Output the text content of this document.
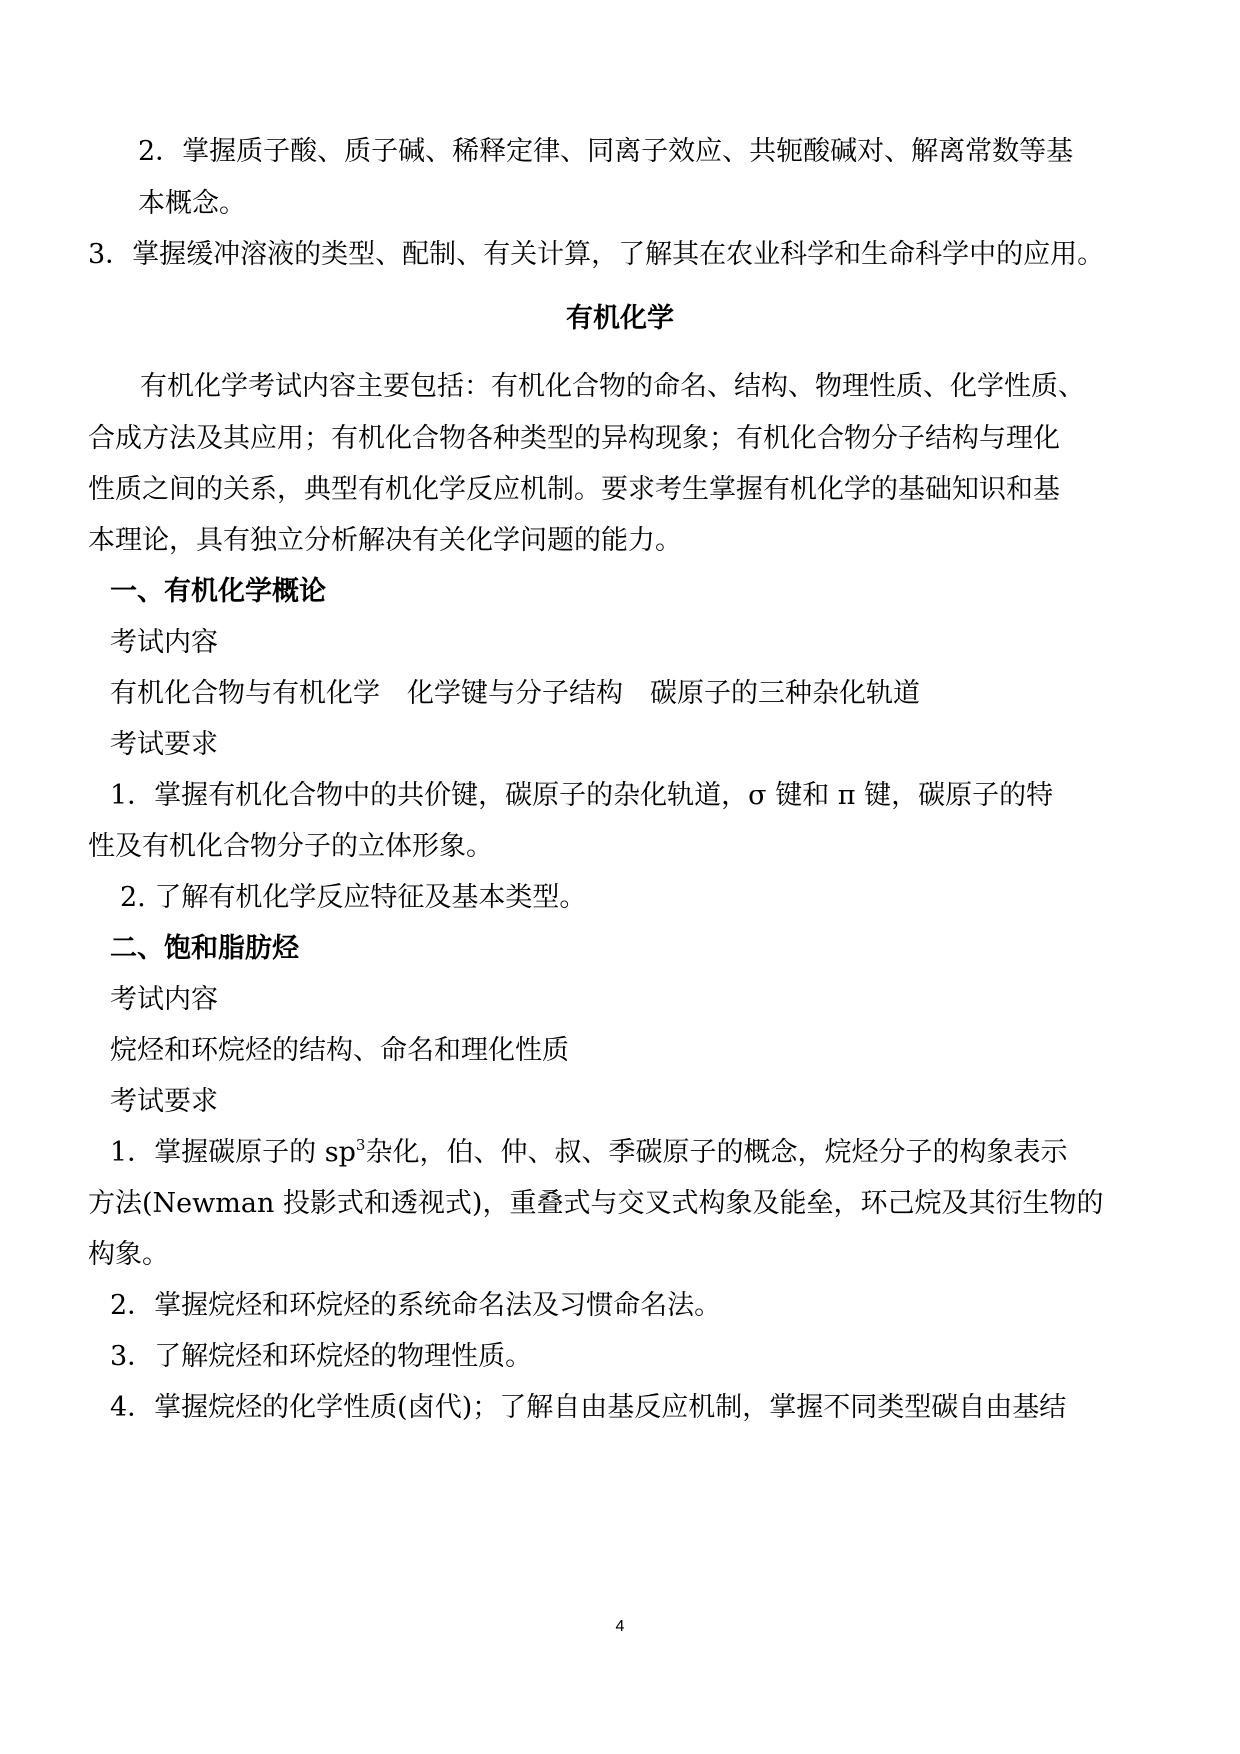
2．掌握质子酸、质子碱、稀释定律、同离子效应、共轭酸碱对、解离常数等基

本概念。

3．掌握缓冲溶液的类型、配制、有关计算，了解其在农业科学和生命科学中的应用。

有机化学

有机化学考试内容主要包括：有机化合物的命名、结构、物理性质、化学性质、

合成方法及其应用；有机化合物各种类型的异构现象；有机化合物分子结构与理化

性质之间的关系，典型有机化学反应机制。要求考生掌握有机化学的基础知识和基

本理论，具有独立分析解决有关化学问题的能力。

一、有机化学概论

考试内容

有机化合物与有机化学　化学键与分子结构　碳原子的三种杂化轨道

考试要求

1．掌握有机化合物中的共价键，碳原子的杂化轨道，σ 键和 π 键，碳原子的特

性及有机化合物分子的立体形象。

2. 了解有机化学反应特征及基本类型。

二、饱和脂肪烃

考试内容

烷烃和环烷烃的结构、命名和理化性质

考试要求

1．掌握碳原子的 $sp^3$杂化，伯、仲、叔、季碳原子的概念，烷烃分子的构象表示

方法(Newman 投影式和透视式)，重叠式与交叉式构象及能垒，环己烷及其衍生物的

构象。

2．掌握烷烃和环烷烃的系统命名法及习惯命名法。

3．了解烷烃和环烷烃的物理性质。

4．掌握烷烃的化学性质(卤代)；了解自由基反应机制，掌握不同类型碳自由基结

4
